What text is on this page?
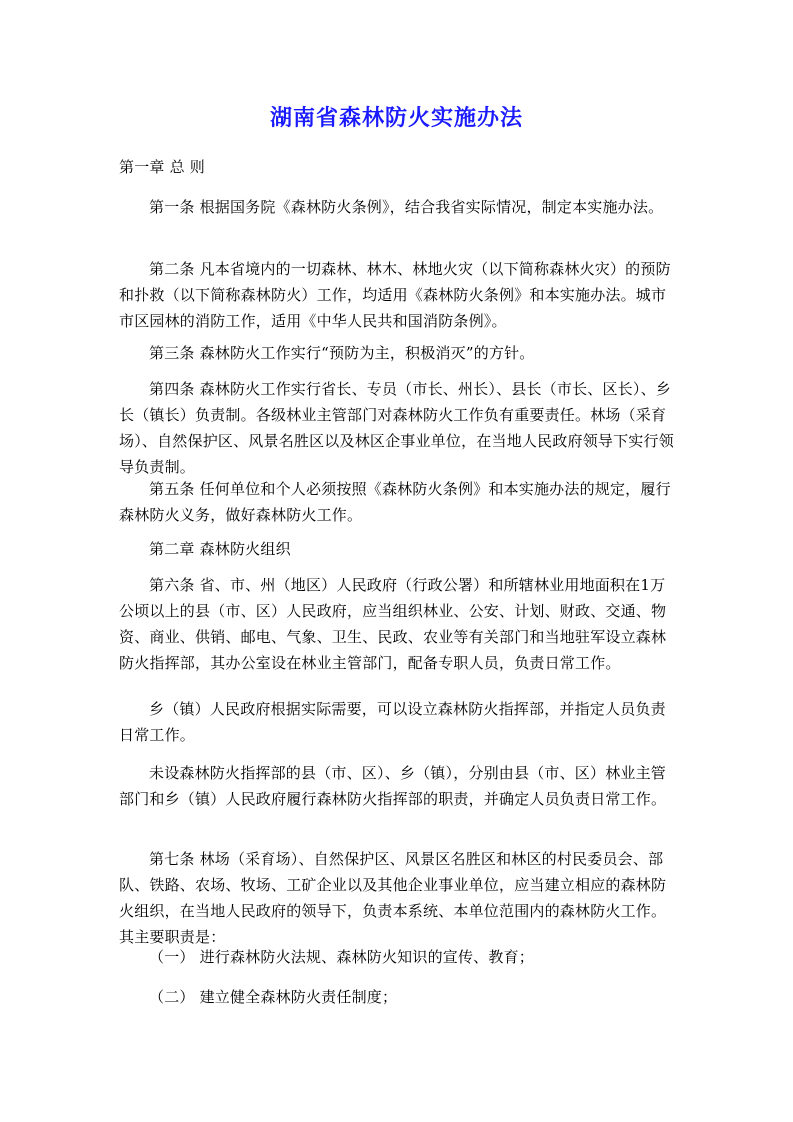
湖南省森林防火实施办法
第一章 总 则
第一条 根据国务院《森林防火条例》，结合我省实际情况，制定本实施办法。
第二条 凡本省境内的一切森林、林木、林地火灾（以下简称森林火灾）的预防和扑救（以下简称森林防火）工作，均适用《森林防火条例》和本实施办法。城市市区园林的消防工作，适用《中华人民共和国消防条例》。
第三条 森林防火工作实行“预防为主，积极消灭”的方针。
第四条 森林防火工作实行省长、专员（市长、州长）、县长（市长、区长）、乡长（镇长）负责制。各级林业主管部门对森林防火工作负有重要责任。林场（采育场）、自然保护区、风景名胜区以及林区企事业单位，在当地人民政府领导下实行领导负责制。
第五条 任何单位和个人必须按照《森林防火条例》和本实施办法的规定，履行森林防火义务，做好森林防火工作。
第二章 森林防火组织
第六条 省、市、州（地区）人民政府（行政公署）和所辖林业用地面积在1万公顷以上的县（市、区）人民政府，应当组织林业、公安、计划、财政、交通、物资、商业、供销、邮电、气象、卫生、民政、农业等有关部门和当地驻军设立森林防火指挥部，其办公室设在林业主管部门，配备专职人员，负责日常工作。
乡（镇）人民政府根据实际需要，可以设立森林防火指挥部，并指定人员负责日常工作。
未设森林防火指挥部的县（市、区）、乡（镇），分别由县（市、区）林业主管部门和乡（镇）人民政府履行森林防火指挥部的职责，并确定人员负责日常工作。
第七条 林场（采育场）、自然保护区、风景区名胜区和林区的村民委员会、部队、铁路、农场、牧场、工矿企业以及其他企业事业单位，应当建立相应的森林防火组织，在当地人民政府的领导下，负责本系统、本单位范围内的森林防火工作。其主要职责是：
（一） 进行森林防火法规、森林防火知识的宣传、教育；
（二） 建立健全森林防火责任制度；
